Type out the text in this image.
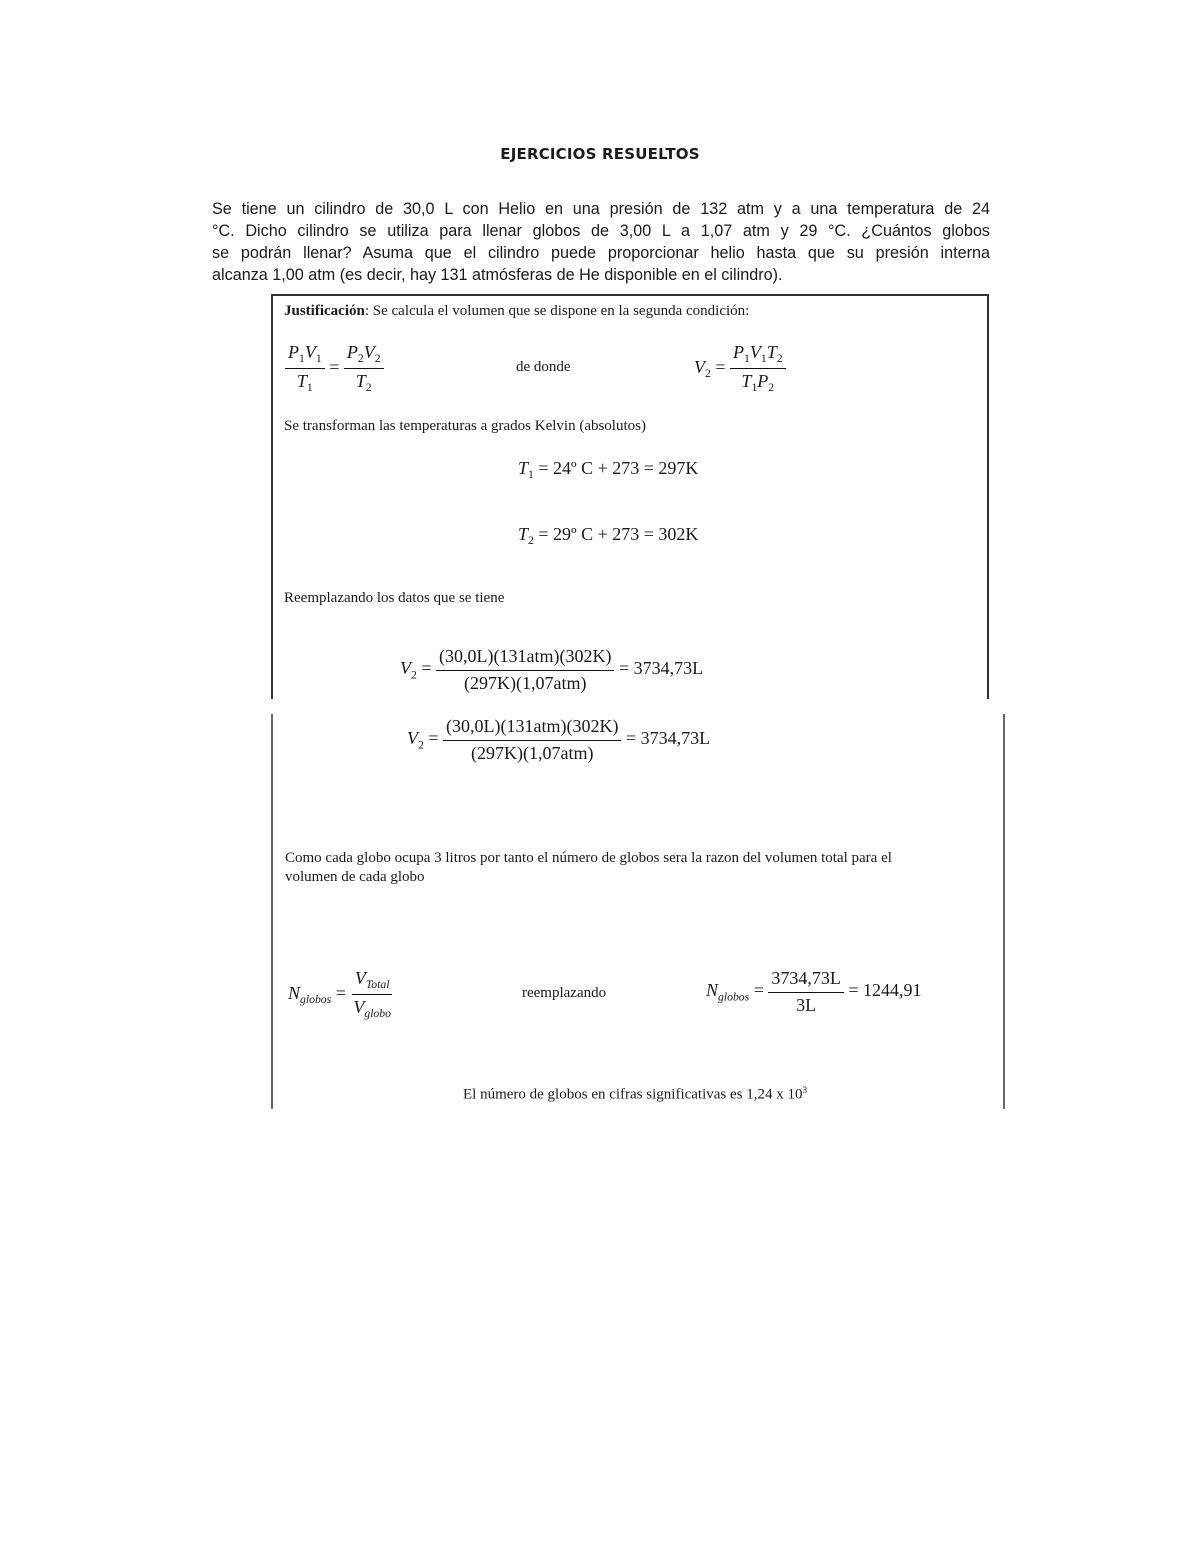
EJERCICIOS RESUELTOS
Se tiene un cilindro de 30,0 L con Helio en una presión de 132 atm y a una temperatura de 24
°C. Dicho cilindro se utiliza para llenar globos de 3,00 L a 1,07 atm y 29 °C. ¿Cuántos globos
se podrán llenar? Asuma que el cilindro puede proporcionar helio hasta que su presión interna
alcanza 1,00 atm (es decir, hay 131 atmósferas de He disponible en el cilindro).
Justificación: Se calcula el volumen que se dispone en la segunda condición:
$\frac{P_1V_1}{T_1} = \frac{P_2V_2}{T_2}$	de donde	$V_2 = \frac{P_1V_1T_2}{T_1P_2}$
Se transforman las temperaturas a grados Kelvin (absolutos)
$T_1$ = 24º C + 273 = 297K
$T_2$ = 29º C + 273 = 302K
Reemplazando los datos que se tiene
$V_2 = \frac{\text{(30,0L)(131atm)(302K)}}{\text{(297K)(1,07atm)}} = 3734,73L$
$V_2 = \frac{\text{(30,0L)(131atm)(302K)}}{\text{(297K)(1,07atm)}} = 3734,73L$
Como cada globo ocupa 3 litros por tanto el número de globos sera la razon del volumen total para el
volumen de cada globo
$N_{globos} = \frac{V_{Total}}{V_{globo}}$	reemplazando	$N_{globos} = \frac{3734,73L}{3L} = 1244,91$
El número de globos en cifras significativas es 1,24 x $10^3$
